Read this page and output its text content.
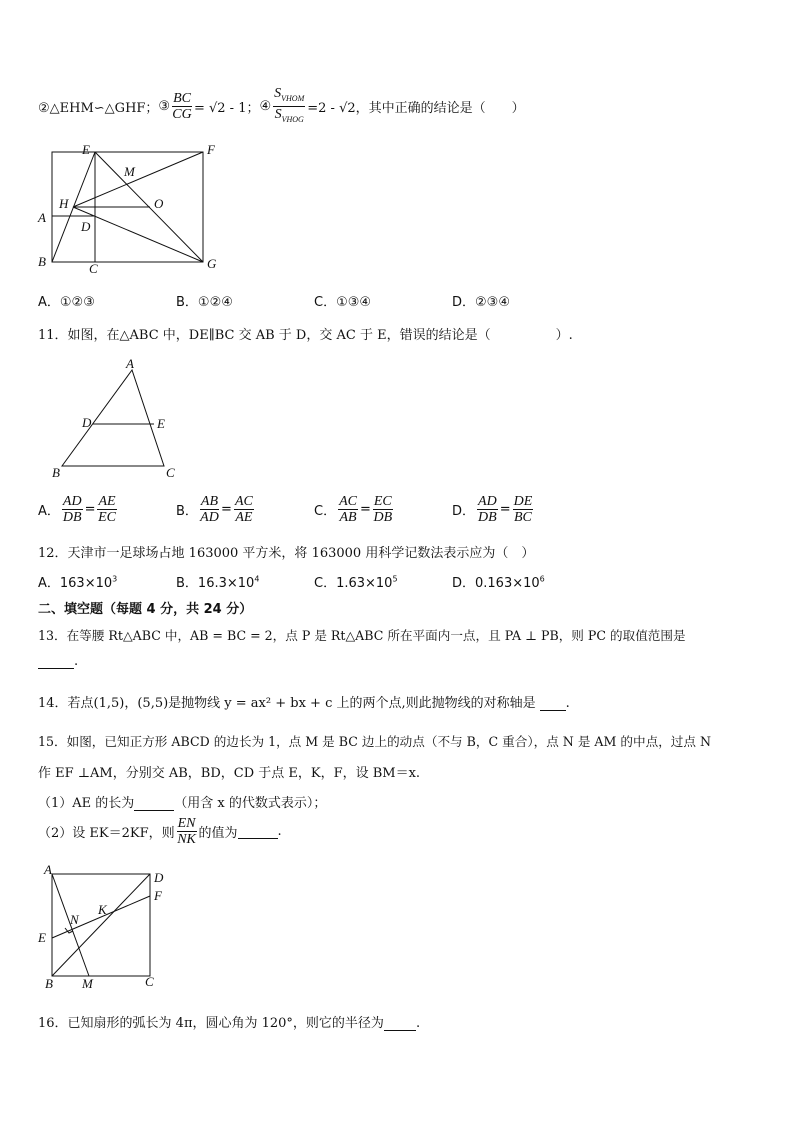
②△EHM∽△GHF； ③ $\frac{BC}{CG} = √2 - 1$； ④ $\frac{S_{VHOM}}{S_{VHOG}} =2 - √2$，其中正确的结论是（　　）
E	F
M
H	O
A
D
B	C	G
A．①②③	B．①②④	C．①③④	D．②③④
11．如图，在△ABC 中，DE∥BC 交 AB 于 D，交 AC 于 E，错误的结论是（　　　　　）.
A
D	E
B	C
A． $\frac{AD}{DB} = \frac{AE}{EC}$	B． $\frac{AB}{AD} = \frac{AC}{AE}$	C． $\frac{AC}{AB} = \frac{EC}{DB}$	D． $\frac{AD}{DB} = \frac{DE}{BC}$
12．天津市一足球场占地 163000 平方米，将 163000 用科学记数法表示应为（　）
A．$163\times 10^3$	B．$16.3\times 10^4$	C．$1.63\times 10^5$	D．$0.163\times 10^6$
二、填空题（每题 4 分，共 24 分）
13．在等腰 Rt△ABC 中，AB = BC = 2，点 P 是 Rt△ABC 所在平面内一点，且 PA ⊥ PB，则 PC 的取值范围是
.
14．若点(1,5)，(5,5)是抛物线 y = ax² + bx + c 上的两个点,则此抛物线的对称轴是 .
15．如图，已知正方形 ABCD 的边长为 1，点 M 是 BC 边上的动点（不与 B，C 重合），点 N 是 AM 的中点，过点 N
作 EF ⊥AM，分别交 AB，BD，CD 于点 E，K，F，设 BM＝x.
（1）AE 的长为	（用含 x 的代数式表示）；
（2）设 EK＝2KF，则 $\frac{EN}{NK}$ 的值为	.
A
D
F
N
K
E
B M	C
16．已知扇形的弧长为 4π，圆心角为 120°，则它的半径为 .
